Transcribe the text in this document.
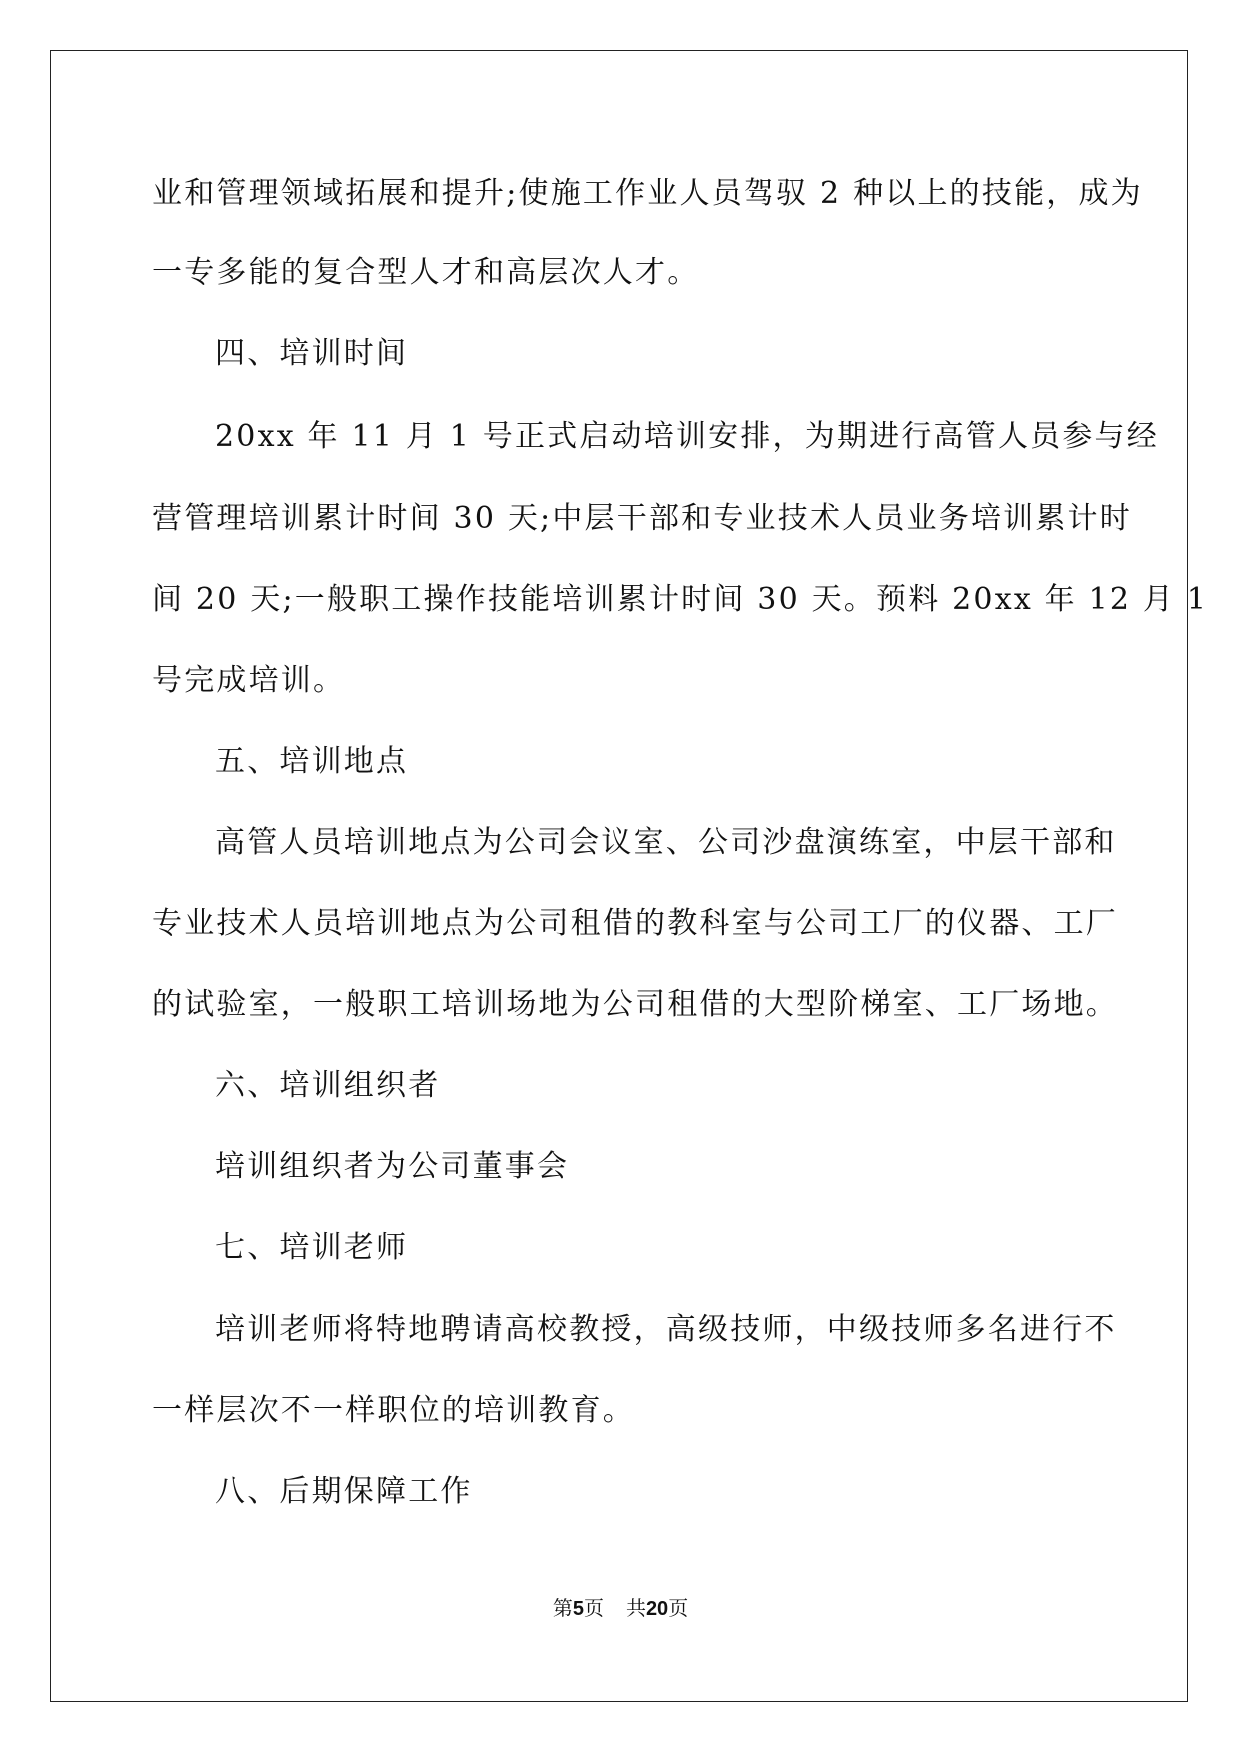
业和管理领域拓展和提升;使施工作业人员驾驭 2 种以上的技能，成为
一专多能的复合型人才和高层次人才。
四、培训时间
20xx 年 11 月 1 号正式启动培训安排，为期进行高管人员参与经
营管理培训累计时间 30 天;中层干部和专业技术人员业务培训累计时
间 20 天;一般职工操作技能培训累计时间 30 天。预料 20xx 年 12 月 1
号完成培训。
五、培训地点
高管人员培训地点为公司会议室、公司沙盘演练室，中层干部和
专业技术人员培训地点为公司租借的教科室与公司工厂的仪器、工厂
的试验室，一般职工培训场地为公司租借的大型阶梯室、工厂场地。
六、培训组织者
培训组织者为公司董事会
七、培训老师
培训老师将特地聘请高校教授，高级技师，中级技师多名进行不
一样层次不一样职位的培训教育。
八、后期保障工作
第5页 共20页
